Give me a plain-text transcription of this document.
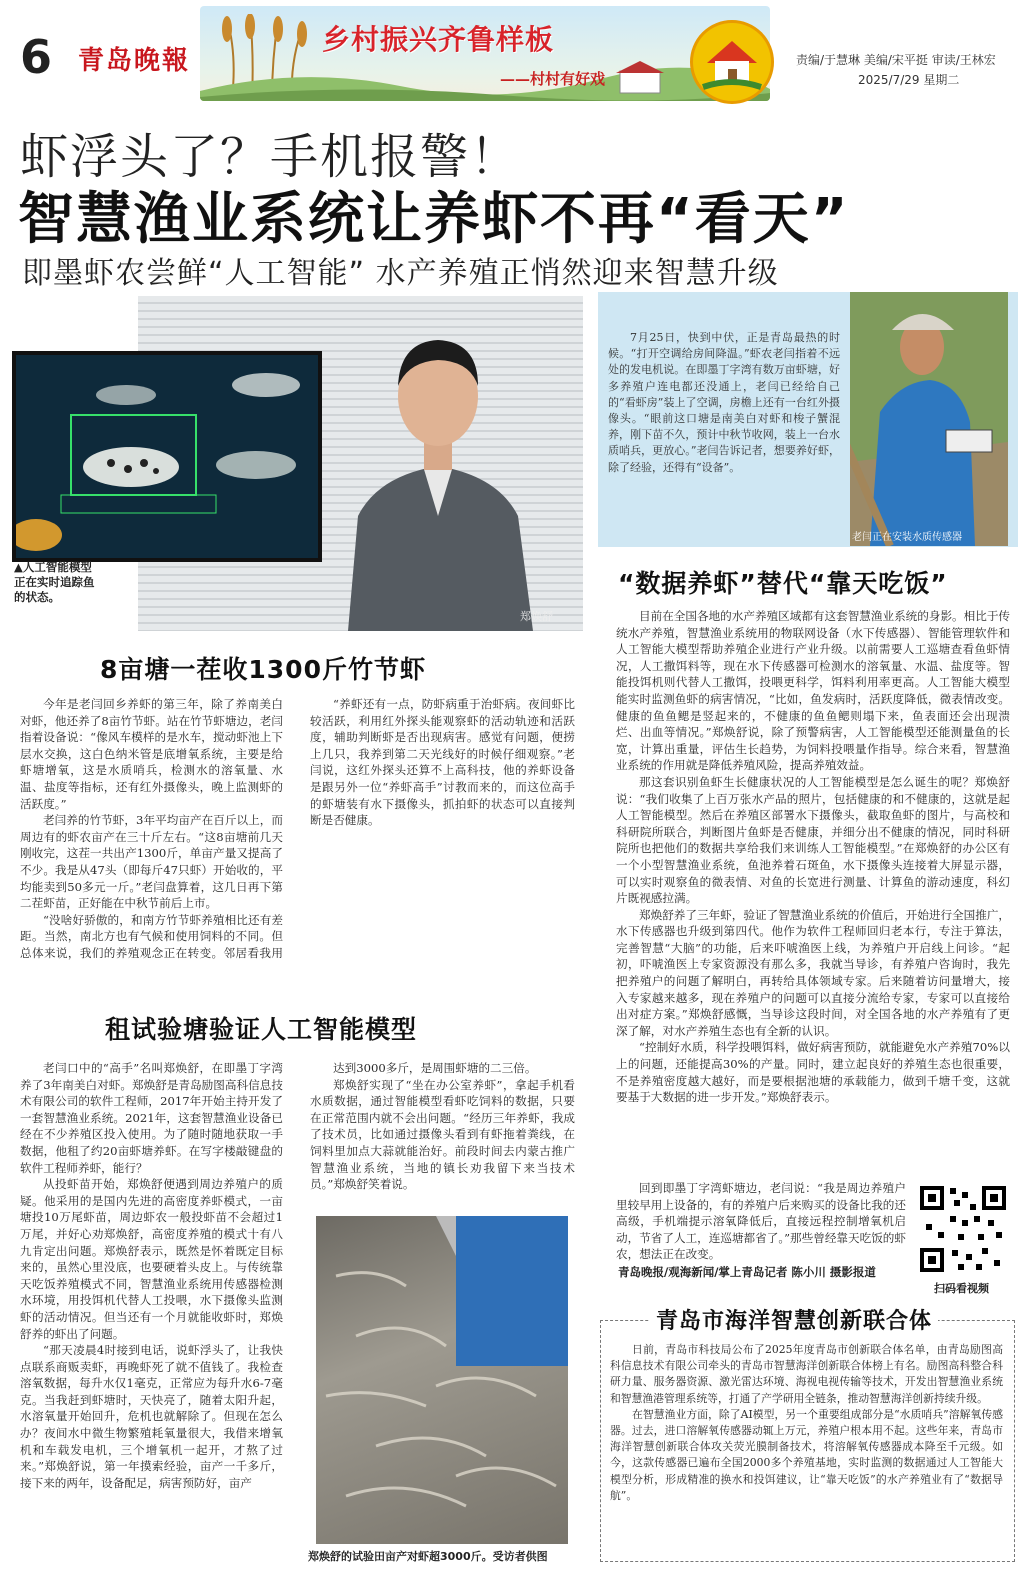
6 青岛晚報
乡村振兴齐鲁样板
——村村有好戏
责编/于慧琳 美编/宋平挺 审读/王林宏
2025/7/29 星期二
虾浮头了？手机报警！
智慧渔业系统让养虾不再“看天”
即墨虾农尝鲜“人工智能” 水产养殖正悄然迎来智慧升级
郑焕舒
▲人工智能模型正在实时追踪鱼的状态。
7月25日，快到中伏，正是青岛最热的时候。“打开空调给房间降温。”虾农老闫指着不远处的发电机说。在即墨丁字湾有数万亩虾塘，好多养殖户连电都还没通上，老闫已经给自己的“看虾房”装上了空调，房檐上还有一台红外摄像头。“眼前这口塘是南美白对虾和梭子蟹混养，刚下苗不久，预计中秋节收网，装上一台水质哨兵，更放心。”老闫告诉记者，想要养好虾，除了经验，还得有“设备”。
老闫正在安装水质传感器
8亩塘一茬收1300斤竹节虾

今年是老闫回乡养虾的第三年，除了养南美白对虾，他还养了8亩竹节虾。站在竹节虾塘边，老闫指着设备说：“像风车模样的是水车，搅动虾池上下层水交换，这白色纳米管是底增氧系统，主要是给虾塘增氧，这是水质哨兵，检测水的溶氧量、水温、盐度等指标，还有红外摄像头，晚上监测虾的活跃度。”

老闫养的竹节虾，3年平均亩产在百斤以上，而周边有的虾农亩产在三十斤左右。“这8亩塘前几天刚收完，这茬一共出产1300斤，单亩产量又提高了不少。我是从47头（即每斤47只虾）开始收的，平均能卖到50多元一斤。”老闫盘算着，这几日再下第二茬虾苗，正好能在中秋节前后上市。

“没啥好骄傲的，和南方竹节虾养殖相比还有差距。当然，南北方也有气候和使用饲料的不同。但总体来说，我们的养殖观念正在转变。邻居看我用

“养虾还有一点，防虾病重于治虾病。夜间虾比较活跃，利用红外探头能观察虾的活动轨迹和活跃度，辅助判断虾是否出现病害。感觉有问题，便捞上几只，我养到第二天光线好的时候仔细观察。”老闫说，这红外探头还算不上高科技，他的养虾设备是跟另外一位“养虾高手”讨教而来的，而这位高手的虾塘装有水下摄像头，抓拍虾的状态可以直接判断是否健康。

租试验塘验证人工智能模型

老闫口中的“高手”名叫郑焕舒，在即墨丁字湾养了3年南美白对虾。郑焕舒是青岛励图高科信息技术有限公司的软件工程师，2017年开始主持开发了一套智慧渔业系统。2021年，这套智慧渔业设备已经在不少养殖区投入使用。为了随时随地获取一手数据，他租了约20亩虾塘养虾。在写字楼敲键盘的软件工程师养虾，能行？

从投虾苗开始，郑焕舒便遇到周边养殖户的质疑。他采用的是国内先进的高密度养虾模式，一亩塘投10万尾虾苗，周边虾农一般投虾苗不会超过1万尾，并好心劝郑焕舒，高密度养殖的模式十有八九肯定出问题。郑焕舒表示，既然是怀着既定目标来的，虽然心里没底，也要硬着头皮上。与传统靠天吃饭养殖模式不同，智慧渔业系统用传感器检测水环境，用投饵机代替人工投喂，水下摄像头监测虾的活动情况。但当还有一个月就能收虾时，郑焕舒养的虾出了问题。

“那天凌晨4时接到电话，说虾浮头了，让我快点联系商贩卖虾，再晚虾死了就不值钱了。我检查溶氧数据，每升水仅1毫克，正常应为每升水6-7毫克。当我赶到虾塘时，天快亮了，随着太阳升起，水溶氧量开始回升，危机也就解除了。但现在怎么办？夜间水中微生物繁殖耗氧量很大，我借来增氧机和车载发电机，三个增氧机一起开，才熬了过来。”郑焕舒说，第一年摸索经验，亩产一千多斤，接下来的两年，设备配足，病害预防好，亩产

达到3000多斤，是周围虾塘的二三倍。

郑焕舒实现了“坐在办公室养虾”，拿起手机看水质数据，通过智能模型看虾吃饲料的数据，只要在正常范围内就不会出问题。“经历三年养虾，我成了技术员，比如通过摄像头看到有虾拖着粪线，在饲料里加点大蒜就能治好。前段时间去内蒙古推广智慧渔业系统，当地的镇长劝我留下来当技术员。”郑焕舒笑着说。

郑焕舒的试验田亩产对虾超3000斤。受访者供图
“数据养虾”替代“靠天吃饭”

目前在全国各地的水产养殖区域都有这套智慧渔业系统的身影。相比于传统水产养殖，智慧渔业系统用的物联网设备（水下传感器）、智能管理软件和人工智能大模型帮助养殖企业进行产业升级。以前需要人工巡塘查看鱼虾情况，人工撒饵料等，现在水下传感器可检测水的溶氧量、水温、盐度等。智能投饵机则代替人工撒饵，投喂更科学，饵料利用率更高。人工智能大模型能实时监测鱼虾的病害情况，“比如，鱼发病时，活跃度降低，微表情改变。健康的鱼鱼鳃是竖起来的，不健康的鱼鱼鳃则塌下来，鱼表面还会出现溃烂、出血等情况。”郑焕舒说，除了预警病害，人工智能模型还能测量鱼的长宽，计算出重量，评估生长趋势，为饲料投喂量作指导。综合来看，智慧渔业系统的作用就是降低养殖风险，提高养殖效益。

那这套识别鱼虾生长健康状况的人工智能模型是怎么诞生的呢？郑焕舒说：“我们收集了上百万张水产品的照片，包括健康的和不健康的，这就是起人工智能模型。然后在养殖区部署水下摄像头，截取鱼虾的图片，与高校和科研院所联合，判断图片鱼虾是否健康，并细分出不健康的情况，同时科研院所也把他们的数据共享给我们来训练人工智能模型。”在郑焕舒的办公区有一个小型智慧渔业系统，鱼池养着石斑鱼，水下摄像头连接着大屏显示器，可以实时观察鱼的微表情、对鱼的长宽进行测量、计算鱼的游动速度，科幻片既视感拉满。

郑焕舒养了三年虾，验证了智慧渔业系统的价值后，开始进行全国推广，水下传感器也升级到第四代。他作为软件工程师回归老本行，专注于算法，完善智慧“大脑”的功能，后来吓唬渔医上线，为养殖户开启线上问诊。“起初，吓唬渔医上专家资源没有那么多，我就当导诊，有养殖户咨询时，我先把养殖户的问题了解明白，再转给具体领域专家。后来随着访问量增大，接入专家越来越多，现在养殖户的问题可以直接分流给专家，专家可以直接给出对症方案。”郑焕舒感慨，当导诊这段时间，对全国各地的水产养殖有了更深了解，对水产养殖生态也有全新的认识。

“控制好水质，科学投喂饵料，做好病害预防，就能避免水产养殖70%以上的问题，还能提高30%的产量。同时，建立起良好的养殖生态也很重要，不是养殖密度越大越好，而是要根据池塘的承载能力，做到千塘千变，这就要基于大数据的进一步开发。”郑焕舒表示。

回到即墨丁字湾虾塘边，老闫说：“我是周边养殖户里较早用上设备的，有的养殖户后来购买的设备比我的还高级，手机端提示溶氧降低后，直接远程控制增氧机启动，节省了人工，连巡塘都省了。”那些曾经靠天吃饭的虾农，想法正在改变。

青岛晚报/观海新闻/掌上青岛记者 陈小川 摄影报道
扫码看视频
青岛市海洋智慧创新联合体

日前，青岛市科技局公布了2025年度青岛市创新联合体名单，由青岛励图高科信息技术有限公司牵头的青岛市智慧海洋创新联合体榜上有名。励图高科整合科研力量、服务器资源、激光雷达环境、海视电视传输等技术，开发出智慧渔业系统和智慧渔港管理系统等，打通了产学研用全链条，推动智慧海洋创新持续升级。

在智慧渔业方面，除了AI模型，另一个重要组成部分是“水质哨兵”溶解氧传感器。过去，进口溶解氧传感器动辄上万元，养殖户根本用不起。这些年来，青岛市海洋智慧创新联合体攻关荧光膜制备技术，将溶解氧传感器成本降至千元级。如今，这款传感器已遍布全国2000多个养殖基地，实时监测的数据通过人工智能大模型分析，形成精准的换水和投饵建议，让“靠天吃饭”的水产养殖业有了“数据导航”。
